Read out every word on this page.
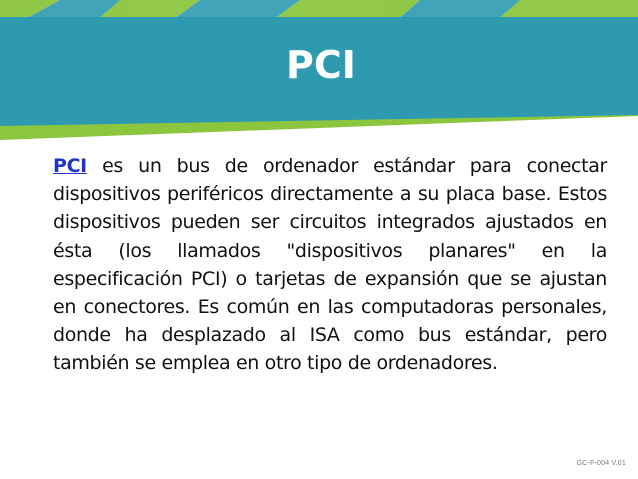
PCI

PCI es un bus de ordenador estándar para conectar dispositivos periféricos directamente a su placa base. Estos dispositivos pueden ser circuitos integrados ajustados en ésta (los llamados "dispositivos planares" en la especificación PCI) o tarjetas de expansión que se ajustan en conectores. Es común en las computadoras personales, donde ha desplazado al ISA como bus estándar, pero también se emplea en otro tipo de ordenadores.

GC-F-004 V.01
